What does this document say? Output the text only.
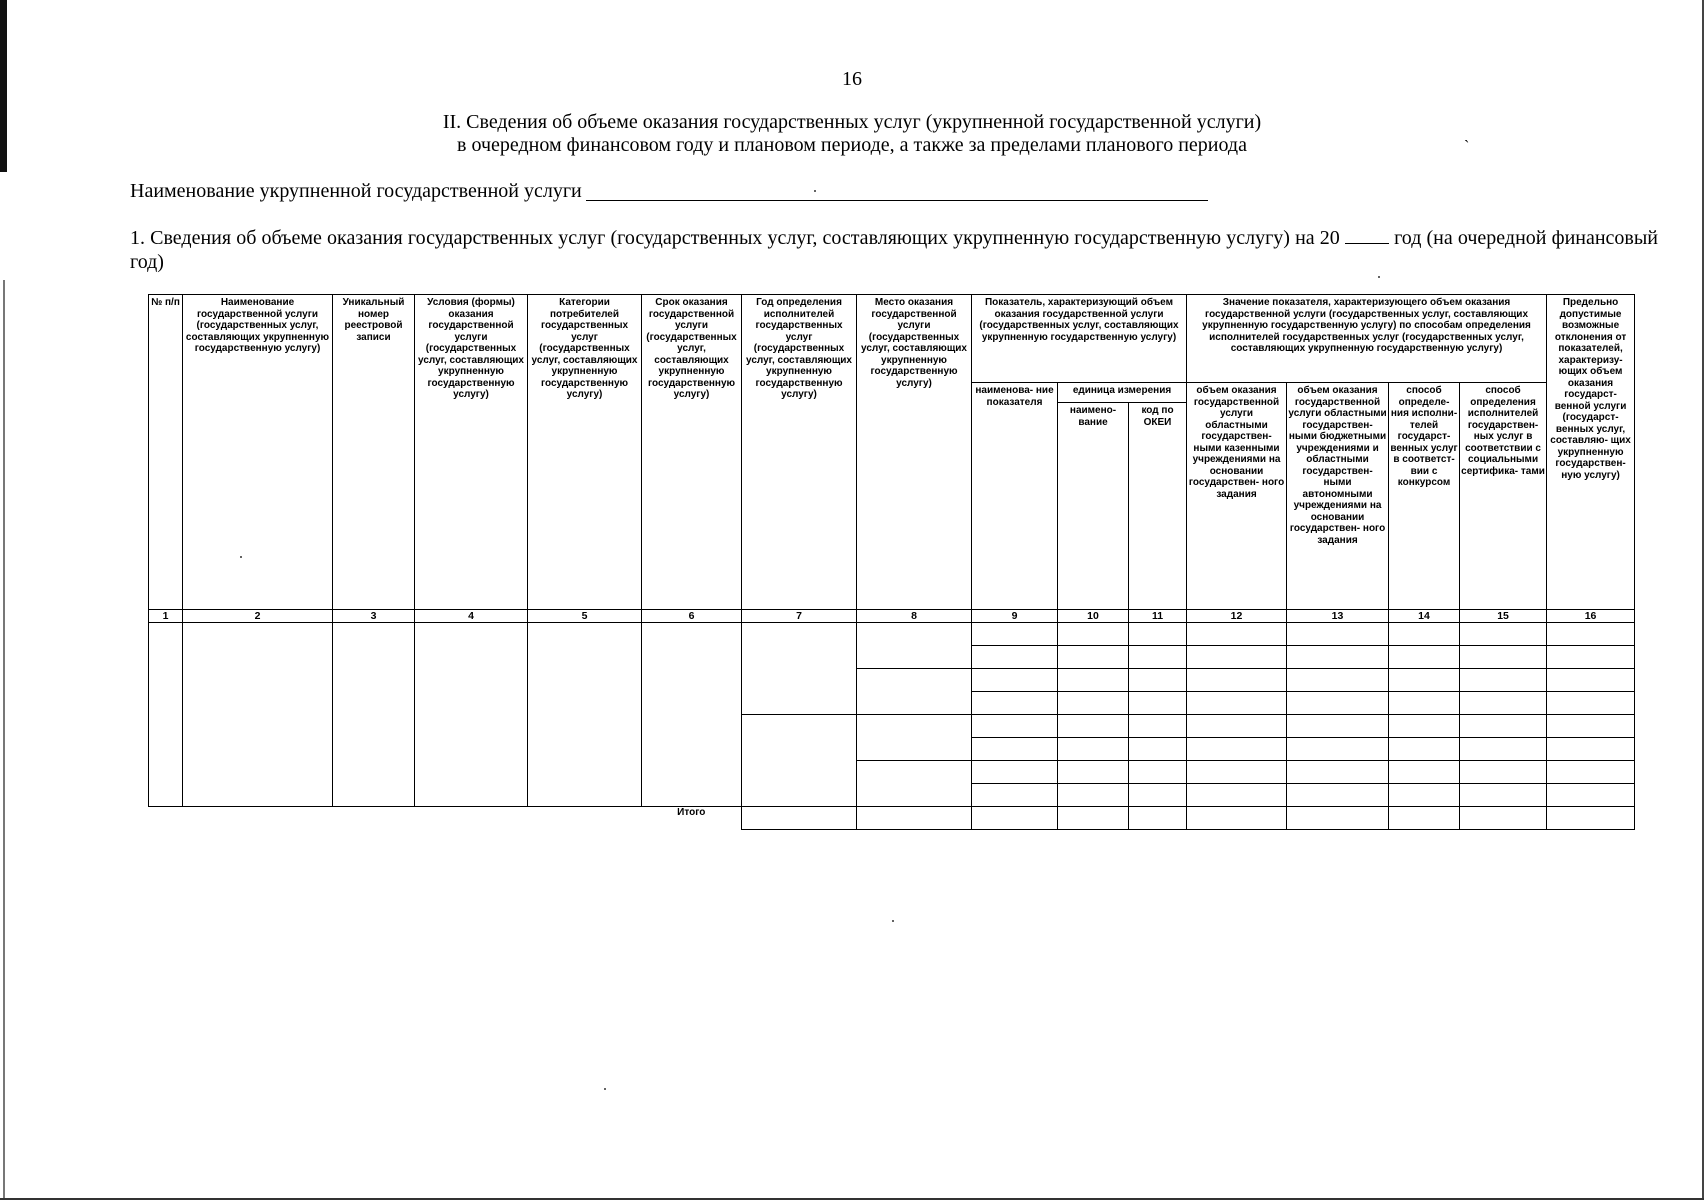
16
II. Сведения об объеме оказания государственных услуг (укрупненной государственной услуги)
в очередном финансовом году и плановом периоде, а также за пределами планового периода	ˋ
Наименование укрупненной государственной услуги
1. Сведения об объеме оказания государственных услуг (государственных услуг, составляющих укрупненную государственную услугу) на 20	год (на очередной финансовый год)
№ п/п	Наименование государственной услуги (государственных услуг, составляющих укрупненную государственную услугу)	Уникальный номер реестровой записи	Условия (формы) оказания государственной услуги (государственных услуг, составляющих укрупненную государственную услугу)	Категории потребителей государственных услуг (государственных услуг, составляющих укрупненную государственную услугу)	Срок оказания государственной услуги (государственных услуг, составляющих укрупненную государственную услугу)	Год определения исполнителей государственных услуг (государственных услуг, составляющих укрупненную государственную услугу)	Место оказания государственной услуги (государственных услуг, составляющих укрупненную государственную услугу)	Показатель, характеризующий объем оказания государственной услуги (государственных услуг, составляющих укрупненную государственную услугу)			Значение показателя, характеризующего объем оказания государственной услуги (государственных услуг, составляющих укрупненную государственную услугу) по способам определения исполнителей государственных услуг (государственных услуг, составляющих укрупненную государственную услугу)				Предельно допустимые возможные отклонения от показателей, характеризу- ющих объем оказания государст- венной услуги (государст- венных услуг, составляю- щих укрупненную государствен- ную услугу)
								наименова- ние показателя	единица измерения		объем оказания государственной услуги областными государствен- ными казенными учреждениями на основании государствен- ного задания	объем оказания государственной услуги областными государствен- ными бюджетными учреждениями и областными государствен- ными автономными учреждениями на основании государствен- ного задания	способ определе- ния исполни- телей государст- венных услуг в соответст- вии с конкурсом	способ определения исполнителей государствен- ных услуг в соответствии с социальными сертифика- тами	
									наимено- вание	код по ОКЕИ					
1	2	3	4	5	6	7	8	9	10	11	12	13	14	15	16

					Итого										
